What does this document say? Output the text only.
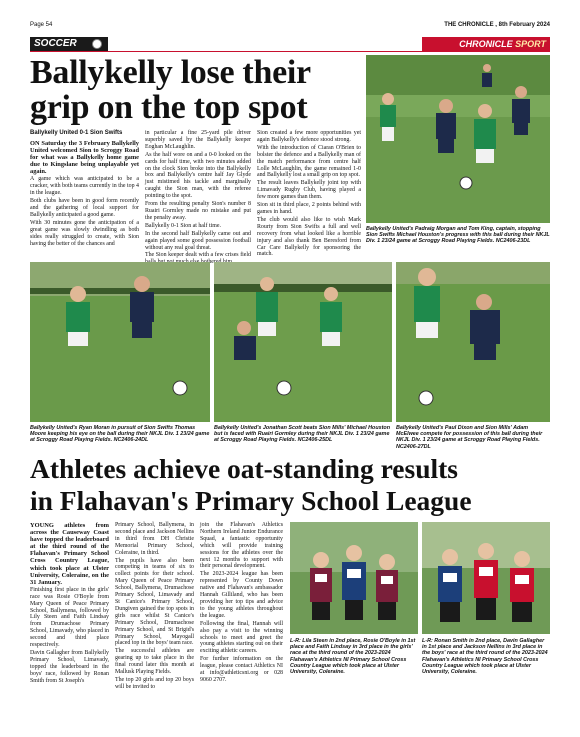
Page 54	THE CHRONICLE , 8th February 2024
SOCCER	CHRONICLE SPORT
Ballykelly lose their
grip on the top spot
Ballykelly United 0-1 Sion Swifts

ON Saturday the 3 February Ballykelly United welcomed Sion to Scroggy Road for what was a Ballykelly home game due to Kingslane being unplayable yet again.

A game which was anticipated to be a cracker, with both teams currently in the top 4 in the league.

Both clubs have been in good form recently and the gathering of local support for Ballykelly anticipated a good game.

With 30 minutes gone the anticipation of a great game was slowly dwindling as both sides really struggled to create, with Sion having the better of the chances and

in particular a fine 25-yard pile driver superbly saved by the Ballykelly keeper Eoghan McLaughlin.

As the half wore on and a 0-0 looked on the cards for half time, with two minutes added on the clock Sion broke into the Ballykelly box and Ballykelly's centre half Jay Glyde just mistimed his tackle and marginally caught the Sion man, with the referee pointing to the spot.

From the resulting penalty Sion's number 8 Ruairi Gormley made no mistake and put the penalty away.

Ballykelly 0-1 Sion at half time.

In the second half Ballykelly came out and again played some good possession football without any real goal threat.

The Sion keeper dealt with a few crises field bothered

Sion created a few more opportunities yet again Ballykelly's defence stood strong.

With the introduction of Ciaran O'Brien to bolster the defence and a Ballykelly man of the match performance from centre half Lolle McLaughlin, the game remained 1-0 and Ballykelly lost a small grip on top spot.

The result leaves Ballykelly joint top with Limavady Rugby Club, having played a few more games than them.

Sion sit in third place, 2 points behind with games in hand.

The club would also like to wish Mark Rourty from Sion Swifts a full and well recovery from what looked like a horrible injury and also thank Ben Beresford from Car Care Ballykelly for sponsoring the match.

Ballykelly United's Padraig Morgan and Tom King, captain, stopping Sion Swifts Michael Houston's progress with this ball during their NKJL Div. 1 23/24 game at Scroggy Road Playing Fields. NC2406-23DL
Ballykelly United's Ryan Moran in pursuit of Sion Swifts Thomas Moore keeping his eye on the ball during their NKJL Div. 1 23/24 game at Scroggy Road Playing Fields. NC2406-24DL
Ballykelly United's Jonathan Scott beats Sion Mills' Michael Houston but is faced with Ruairi Gormley during their NKJL Div. 1 23/24 game at Scroggy Road Playing Fields. NC2406-25DL
Ballykelly United's Paul Dixon and Sion Mills' Adam McElwee compete for possession of this ball during their NKJL Div. 1 23/24 game at Scroggy Road Playing Fields. NC2406-27DL
Athletes achieve oat-standing results
in Flahavan's Primary School League

YOUNG athletes from across the Causeway Coast have topped the leaderboard at the third round of the Flahavan's Primary School Cross Country League, which took place at Ulster University, Coleraine, on the 31 January.

Finishing first place in the girls' race was Rosie O'Boyle from Mary Queen of Peace Primary School, Ballymena, followed by Lily Steen and Faith Lindsay from Drumachose Primary School, Limavady, who placed in second and third place respectively.

Davin Gallagher from Ballykelly Primary School, Limavady, topped the leaderboard in the boys' race, followed by Ronan Smith from St Joseph's

Primary School, Ballymena, in second place and Jackson Nellins in third from DH Christie Memorial Primary School, Coleraine, in third.

The pupils have also been competing in teams of six to collect points for their school. Mary Queen of Peace Primary School, Ballymena, Drumachose Primary School, Limavady and St Canice's Primary School, Dungiven gained the top spots in girls race whilst St Canice's Primary School, Drumachose Primary School, and St Brigid's Primary School, Mayogall placed top in the boys' team race.

The successful athletes are gearing up to take place in the final round later this month at Mallusk Playing Fields.

The top 20 girls and top 20 boys will be invited to

join the Flahavan's Athletics Northern Ireland Junior Endurance Squad, a fantastic opportunity which will provide training sessions for the athletes over the next 12 months to support with their personal development.

The 2023-2024 league has been represented by County Down native and Flahavan's ambassador Hannah Gilliland, who has been providing her top tips and advice to the young athletes throughout the league.

Following the final, Hannah will also pay a visit to the winning schools to meet and greet the young athletes starting out on their exciting athletic careers.

For further information on the league, please contact Athletics NI at info@athleticsni.org or 028 9060 2707.

L-R: Lila Steen in 2nd place, Rosie O'Boyle in 1st place and Faith Lindsay in 3rd place in the girls' race at the third round of the 2023-2024 Flahavan's Athletics NI Primary School Cross Country League which took place at Ulster University, Coleraine.
L-R: Ronan Smith in 2nd place, Davin Gallagher in 1st place and Jackson Nellins in 3rd place in the boys' race at the third round of the 2023-2024 Flahavan's Athletics NI Primary School Cross Country League which took place at Ulster University, Coleraine.
